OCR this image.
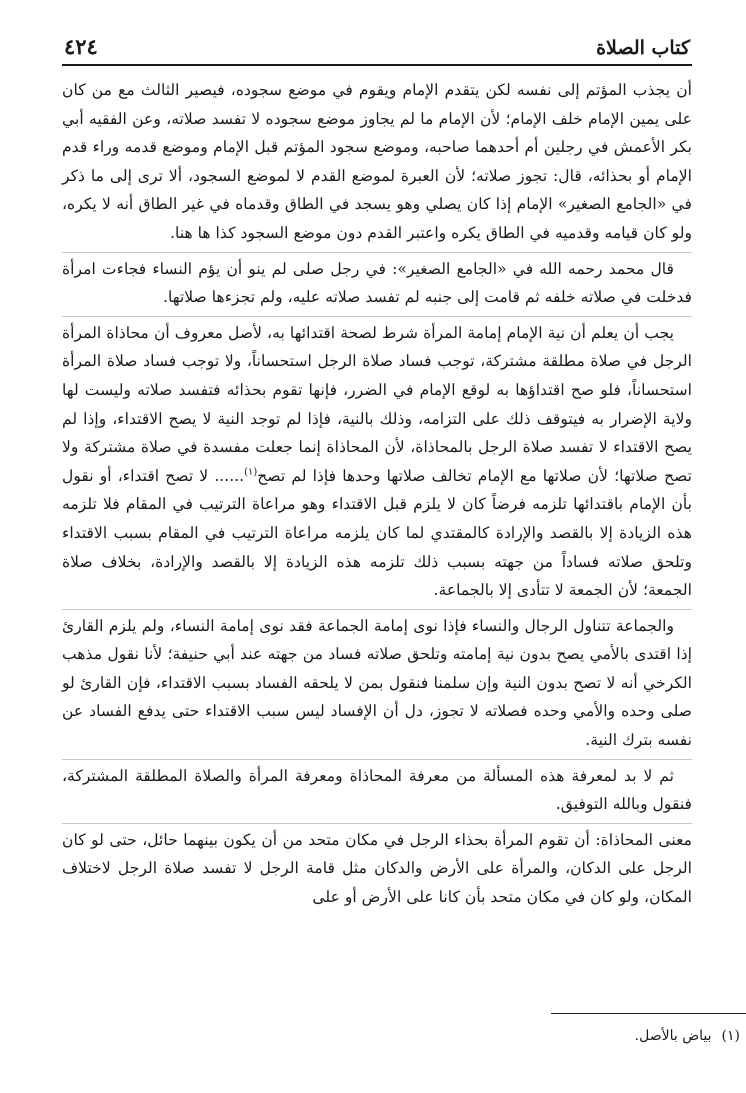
كتاب الصلاة
٤٢٤

أن يجذب المؤتم إلى نفسه لكن يتقدم الإمام ويقوم في موضع سجوده، فيصير الثالث مع من كان على يمين الإمام خلف الإمام؛ لأن الإمام ما لم يجاوز موضع سجوده لا تفسد صلاته، وعن الفقيه أبي بكر الأعمش في رجلين أم أحدهما صاحبه، وموضع سجود المؤتم قبل الإمام وموضع قدمه وراء قدم الإمام أو بحذائه، قال: تجوز صلاته؛ لأن العبرة لموضع القدم لا لموضع السجود، ألا ترى إلى ما ذكر في «الجامع الصغير» الإمام إذا كان يصلي وهو يسجد في الطاق وقدماه في غير الطاق أنه لا يكره، ولو كان قيامه وقدميه في الطاق يكره واعتبر القدم دون موضع السجود كذا ها هنا.

قال محمد رحمه الله في «الجامع الصغير»: في رجل صلى لم ينو أن يؤم النساء فجاءت امرأة فدخلت في صلاته خلفه ثم قامت إلى جنبه لم تفسد صلاته عليه، ولم تجزءها صلاتها.

يجب أن يعلم أن نية الإمام إمامة المرأة شرط لصحة اقتدائها به، لأصل معروف أن محاذاة المرأة الرجل في صلاة مطلقة مشتركة، توجب فساد صلاة الرجل استحساناً، ولا توجب فساد صلاة المرأة استحساناً، فلو صح اقتداؤها به لوقع الإمام في الضرر، فإنها تقوم بحذائه فتفسد صلاته وليست لها ولاية الإضرار به فيتوقف ذلك على التزامه، وذلك بالنية، فإذا لم توجد النية لا يصح الاقتداء، وإذا لم يصح الاقتداء لا تفسد صلاة الرجل بالمحاذاة، لأن المحاذاة إنما جعلت مفسدة في صلاة مشتركة ولا تصح صلاتها؛ لأن صلاتها مع الإمام تخالف صلاتها وحدها فإذا لم تصح$^{(١)}$...... لا تصح اقتداء، أو نقول بأن الإمام باقتدائها تلزمه فرضاً كان لا يلزم قبل الاقتداء وهو مراعاة الترتيب في المقام فلا تلزمه هذه الزيادة إلا بالقصد والإرادة كالمقتدي لما كان يلزمه مراعاة الترتيب في المقام بسبب الاقتداء وتلحق صلاته فساداً من جهته بسبب ذلك تلزمه هذه الزيادة إلا بالقصد والإرادة، بخلاف صلاة الجمعة؛ لأن الجمعة لا تتأدى إلا بالجماعة.

والجماعة تتناول الرجال والنساء فإذا نوى إمامة الجماعة فقد نوى إمامة النساء، ولم يلزم القارئ إذا اقتدى بالأمي يصح بدون نية إمامته وتلحق صلاته فساد من جهته عند أبي حنيفة؛ لأنا نقول مذهب الكرخي أنه لا تصح بدون النية وإن سلمنا فنقول بمن لا يلحقه الفساد بسبب الاقتداء، فإن القارئ لو صلى وحده والأمي وحده فصلاته لا تجوز، دل أن الإفساد ليس سبب الاقتداء حتى يدفع الفساد عن نفسه بترك النية.

ثم لا بد لمعرفة هذه المسألة من معرفة المحاذاة ومعرفة المرأة والصلاة المطلقة المشتركة، فنقول وبالله التوفيق.

معنى المحاذاة: أن تقوم المرأة بحذاء الرجل في مكان متحد من أن يكون بينهما حائل، حتى لو كان الرجل على الدكان، والمرأة على الأرض والدكان مثل قامة الرجل لا تفسد صلاة الرجل لاختلاف المكان، ولو كان في مكان متحد بأن كانا على الأرض أو على

(١)بياض بالأصل.
